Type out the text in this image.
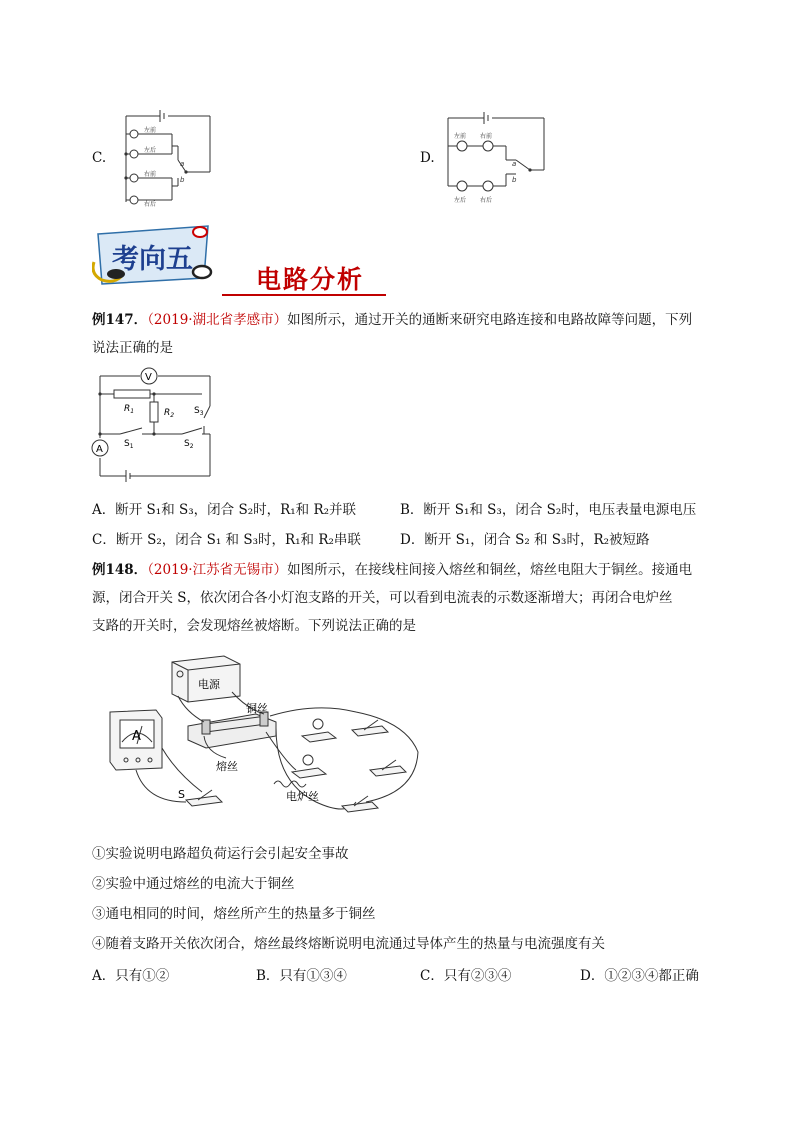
C.
左前
左后
右前
右后
a
b
D.
左前 右前
左后 右后
a
b
考向五
电路分析
例147．（2019·湖北省孝感市）如图所示，通过开关的通断来研究电路连接和电路故障等问题，下列
说法正确的是
V
A
$R_1$	$R_2$ $S_3$
$S_1$	$S_2$
A．断开 S₁和 S₃，闭合 S₂时，R₁和 R₂并联	B．断开 S₁和 S₃，闭合 S₂时，电压表量电源电压
C．断开 S₂，闭合 S₁ 和 S₃时，R₁和 R₂串联	D．断开 S₁，闭合 S₂ 和 S₃时，R₂被短路
例148．（2019·江苏省无锡市）如图所示，在接线柱间接入熔丝和铜丝，熔丝电阻大于铜丝。接通电
源，闭合开关 S，依次闭合各小灯泡支路的开关，可以看到电流表的示数逐渐增大；再闭合电炉丝
支路的开关时，会发现熔丝被熔断。下列说法正确的是
电源
铜丝
熔丝
电炉丝
A
S
①实验说明电路超负荷运行会引起安全事故
②实验中通过熔丝的电流大于铜丝
③通电相同的时间，熔丝所产生的热量多于铜丝
④随着支路开关依次闭合，熔丝最终熔断说明电流通过导体产生的热量与电流强度有关
A．只有①②	B．只有①③④	C．只有②③④	D．①②③④都正确
